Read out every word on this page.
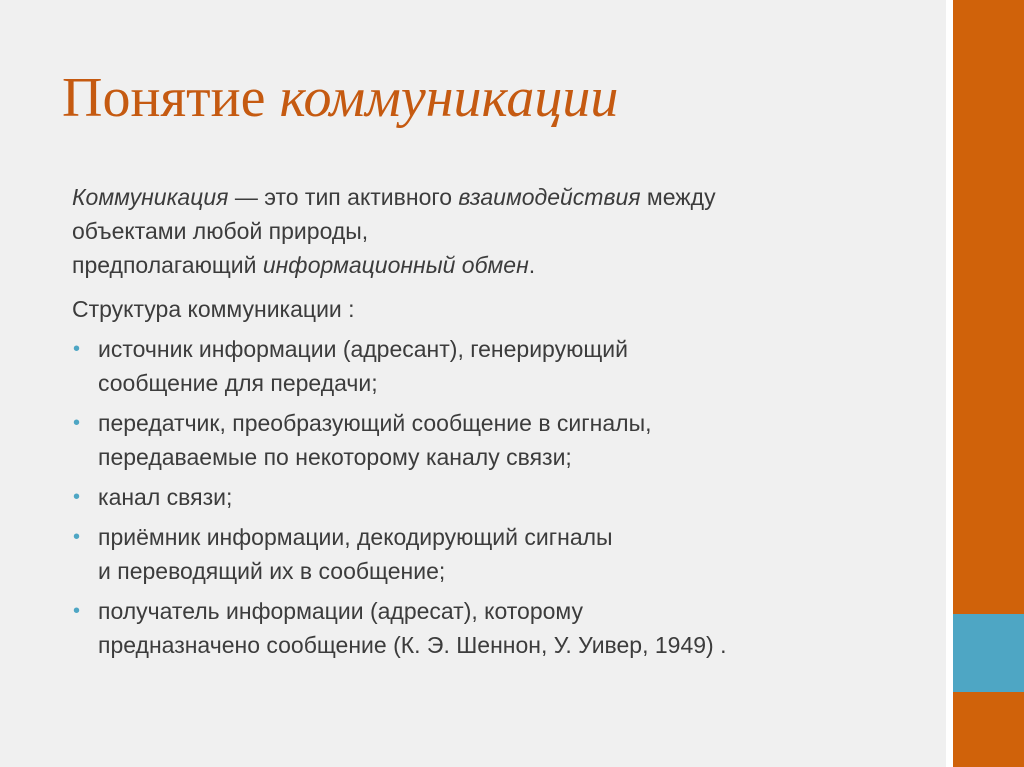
Понятие коммуникации

Коммуникация — это тип активного взаимодействия между
объектами любой природы,
предполагающий информационный обмен.

Структура коммуникации :

• источник информации (адресант), генерирующий
сообщение для передачи;
• передатчик, преобразующий сообщение в сигналы,
передаваемые по некоторому каналу связи;
• канал связи;
• приёмник информации, декодирующий сигналы
и переводящий их в сообщение;
• получатель информации (адресат), которому
предназначено сообщение (К. Э. Шеннон, У. Уивер, 1949) .
